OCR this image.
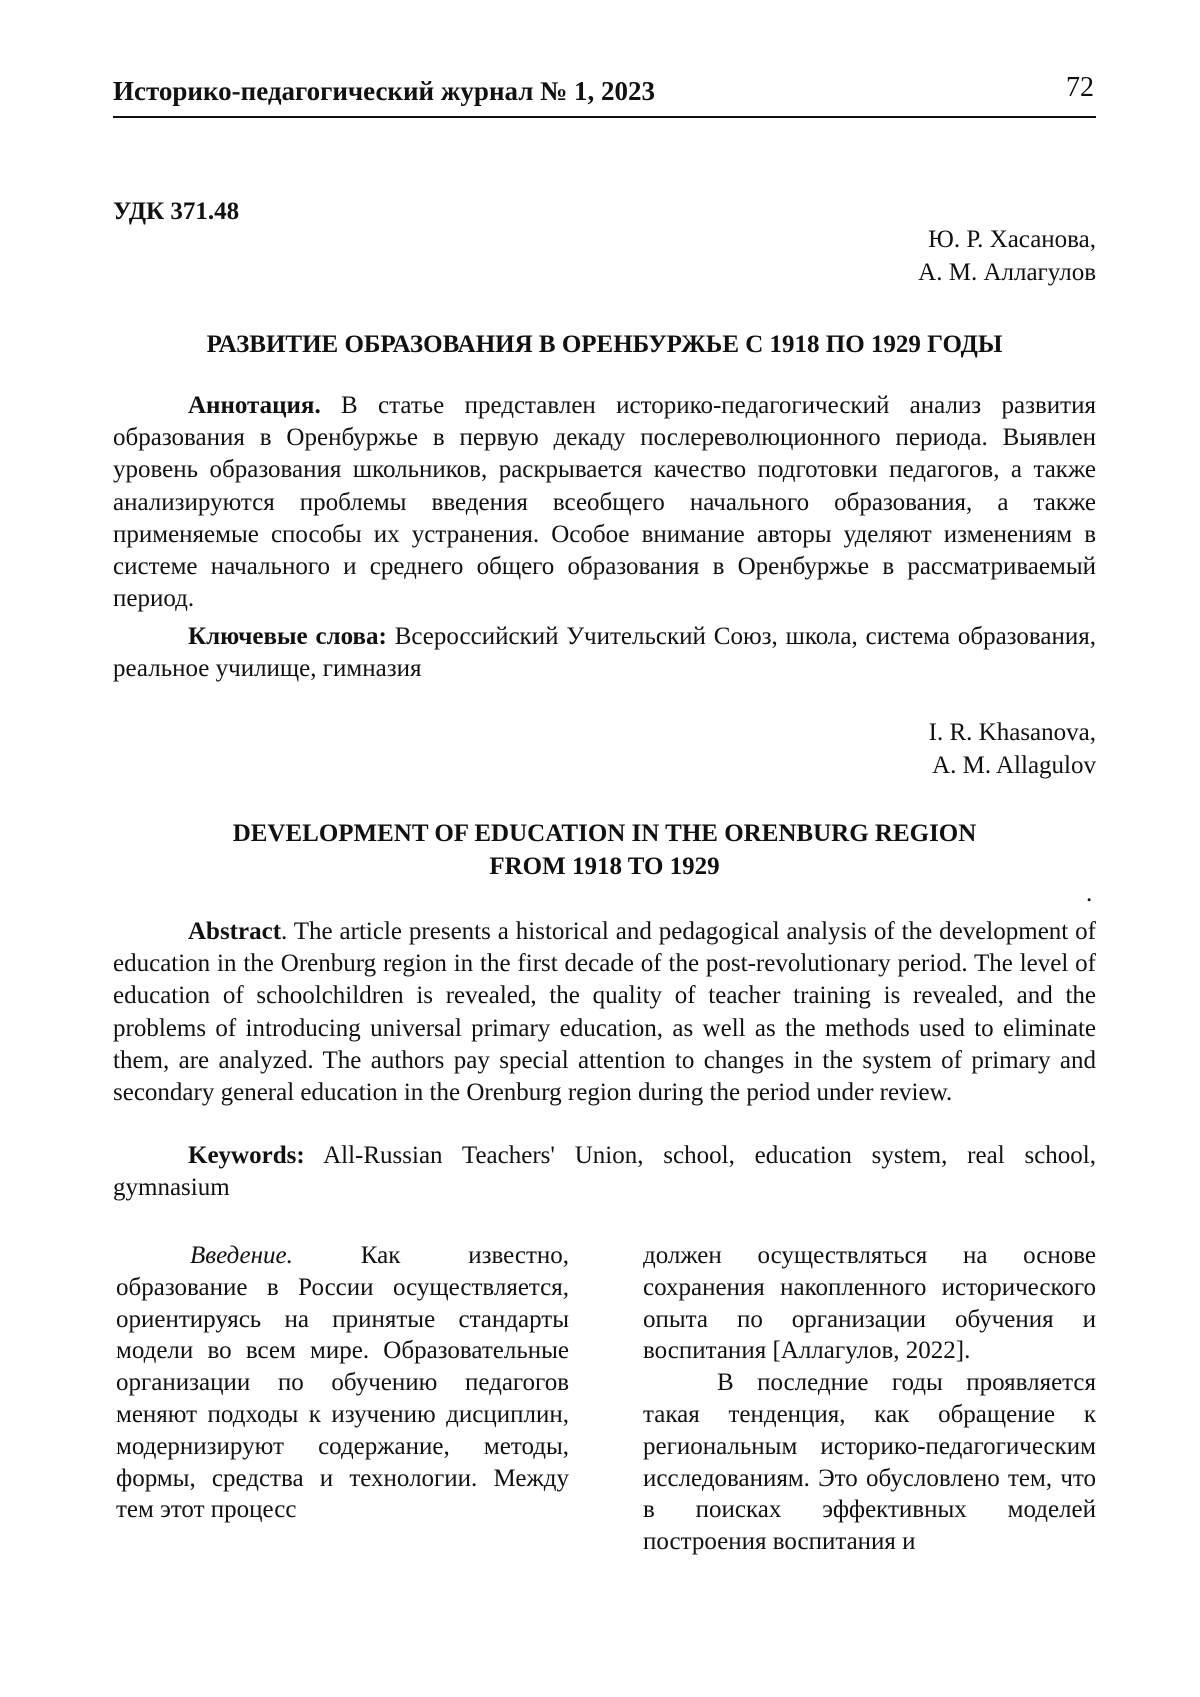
Историко-педагогический журнал № 1, 2023	72
УДК 371.48
Ю. Р. Хасанова,
А. М. Аллагулов
РАЗВИТИЕ ОБРАЗОВАНИЯ В ОРЕНБУРЖЬЕ С 1918 ПО 1929 ГОДЫ
Аннотация. В статье представлен историко-педагогический анализ развития образования в Оренбуржье в первую декаду послереволюционного периода. Выявлен уровень образования школьников, раскрывается качество подготовки педагогов, а также анализируются проблемы введения всеобщего начального образования, а также применяемые способы их устранения. Особое внимание авторы уделяют изменениям в системе начального и среднего общего образования в Оренбуржье в рассматриваемый период.
Ключевые слова: Всероссийский Учительский Союз, школа, система образования, реальное училище, гимназия
I. R. Khasanova,
A. M. Allagulov
DEVELOPMENT OF EDUCATION IN THE ORENBURG REGION
FROM 1918 TO 1929
.
Abstract. The article presents a historical and pedagogical analysis of the development of education in the Orenburg region in the first decade of the post-revolutionary period. The level of education of schoolchildren is revealed, the quality of teacher training is revealed, and the problems of introducing universal primary education, as well as the methods used to eliminate them, are analyzed. The authors pay special attention to changes in the system of primary and secondary general education in the Orenburg region during the period under review.
Keywords: All-Russian Teachers' Union, school, education system, real school, gymnasium

Введение. Как известно, образование в России осуществляется, ориентируясь на принятые стандарты модели во всем мире. Образовательные организации по обучению педагогов меняют подходы к изучению дисциплин, модернизируют содержание, методы, формы, средства и технологии. Между тем этот процесс

должен осуществляться на основе сохранения накопленного исторического опыта по организации обучения и воспитания [Аллагулов, 2022].

В последние годы проявляется такая тенденция, как обращение к региональным историко-педагогическим исследованиям. Это обусловлено тем, что в поисках эффективных моделей построения воспитания и
